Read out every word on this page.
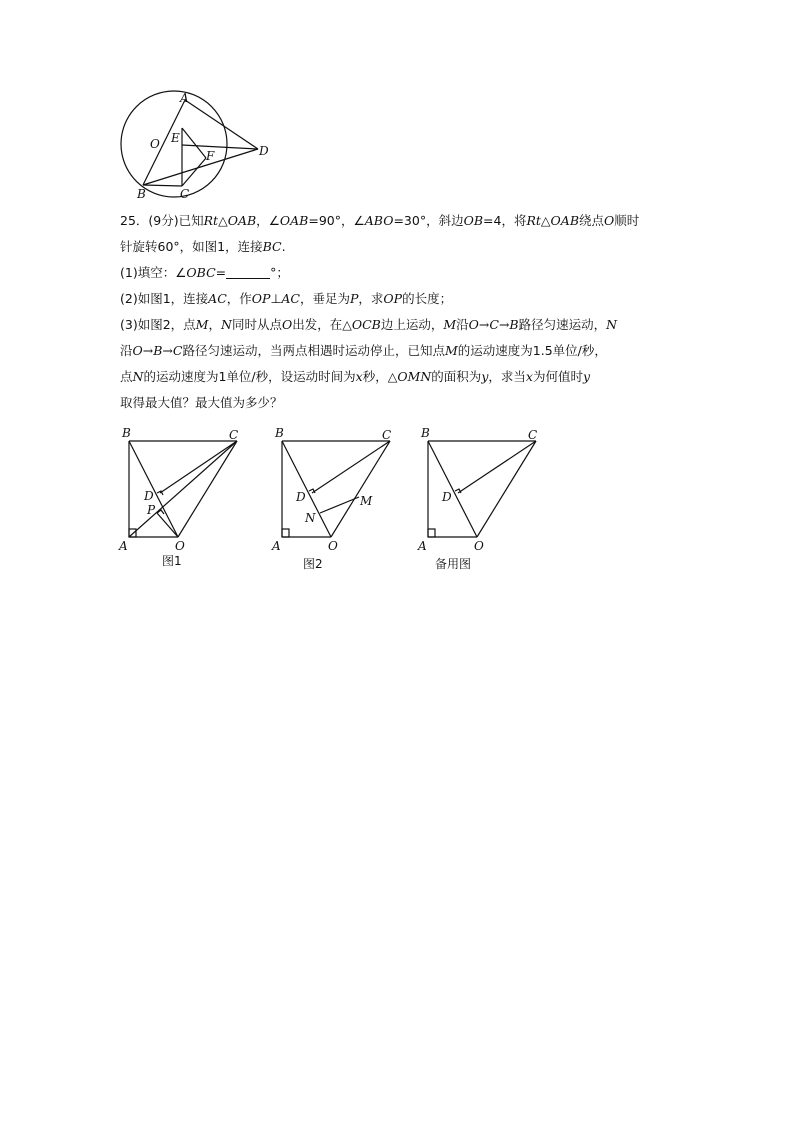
A
O E
F	D
B	C
25．(9分)已知Rt△OAB，∠OAB=90°，∠ABO=30°，斜边OB=4，将Rt△OAB绕点O顺时
针旋转60°，如图1，连接BC.
(1)填空：∠OBC=	°；
(2)如图1，连接AC，作OP⊥AC，垂足为P，求OP的长度；
(3)如图2，点M，N同时从点O出发，在△OCB边上运动，M沿O→C→B路径匀速运动，N
沿O→B→C路径匀速运动，当两点相遇时运动停止，已知点M的运动速度为1.5单位/秒，
点N的运动速度为1单位/秒，设运动时间为x秒，△OMN的面积为y，求当x为何值时y
取得最大值？最大值为多少？
B	C
D
P
A	O
图1
B	C
D	M
N
A	O
图2
B	C
D
A	O
备用图
